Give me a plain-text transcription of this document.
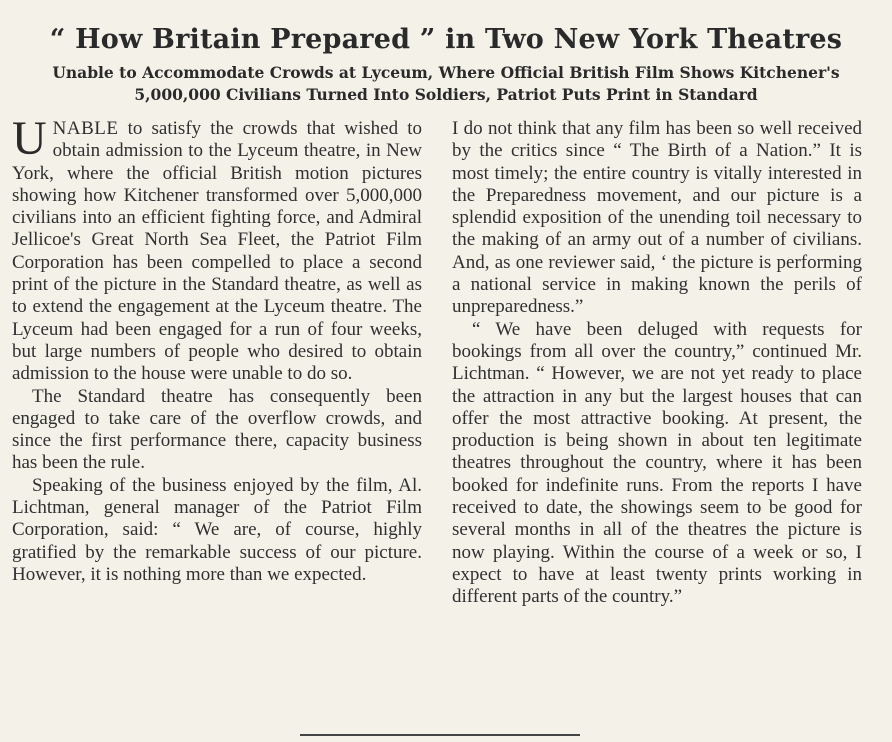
“ How Britain Prepared ” in Two New York Theatres
Unable to Accommodate Crowds at Lyceum, Where Official British Film Shows Kitchener's
5,000,000 Civilians Turned Into Soldiers, Patriot Puts Print in Standard

UNABLE to satisfy the crowds that wished to obtain admission to the Lyceum theatre, in New York, where the official British motion pictures showing how Kitchener transformed over 5,000,000 civilians into an efficient fighting force, and Admiral Jellicoe's Great North Sea Fleet, the Patriot Film Corporation has been compelled to place a second print of the picture in the Standard theatre, as well as to extend the engagement at the Lyceum theatre. The Lyceum had been engaged for a run of four weeks, but large numbers of people who desired to obtain admission to the house were unable to do so.

The Standard theatre has consequently been engaged to take care of the overflow crowds, and since the first performance there, capacity business has been the rule.

Speaking of the business enjoyed by the film, Al. Lichtman, general manager of the Patriot Film Corporation, said: “ We are, of course, highly gratified by the remarkable success of our picture. However, it is nothing more than we expected.

I do not think that any film has been so well received by the critics since “ The Birth of a Nation.” It is most timely; the entire country is vitally interested in the Preparedness movement, and our picture is a splendid exposition of the unending toil necessary to the making of an army out of a number of civilians. And, as one reviewer said, ‘ the picture is performing a national service in making known the perils of unpreparedness.”

“ We have been deluged with requests for bookings from all over the country,” continued Mr. Lichtman. “ However, we are not yet ready to place the attraction in any but the largest houses that can offer the most attractive booking. At present, the production is being shown in about ten legitimate theatres throughout the country, where it has been booked for indefinite runs. From the reports I have received to date, the showings seem to be good for several months in all of the theatres the picture is now playing. Within the course of a week or so, I expect to have at least twenty prints working in different parts of the country.”
